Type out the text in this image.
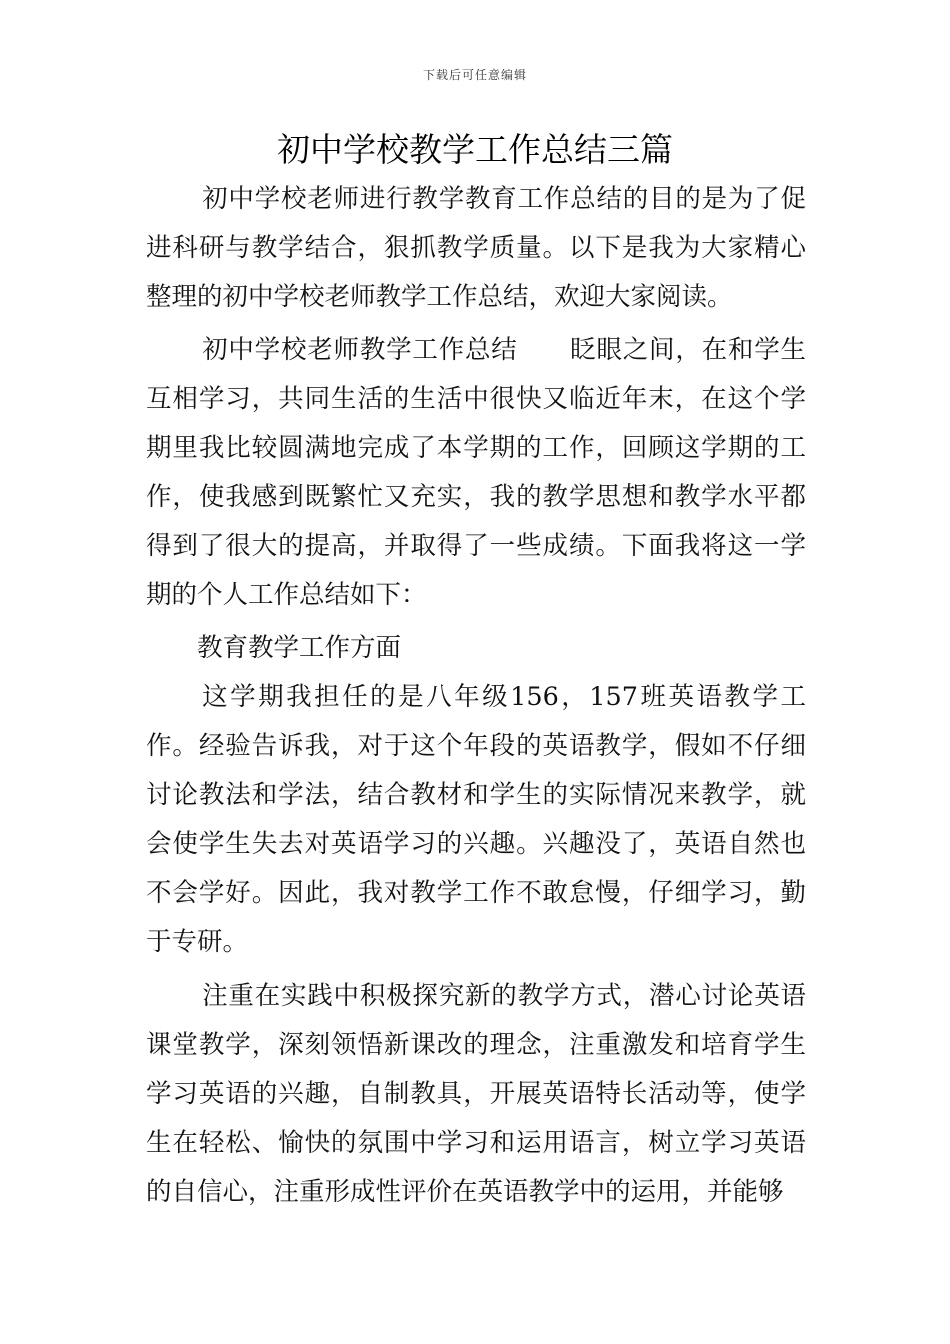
下载后可任意编辑
初中学校教学工作总结三篇

初中学校老师进行教学教育工作总结的目的是为了促进科研与教学结合，狠抓教学质量。以下是我为大家精心整理的初中学校老师教学工作总结，欢迎大家阅读。

初中学校老师教学工作总结　　眨眼之间，在和学生互相学习，共同生活的生活中很快又临近年末，在这个学期里我比较圆满地完成了本学期的工作，回顾这学期的工作，使我感到既繁忙又充实，我的教学思想和教学水平都得到了很大的提高，并取得了一些成绩。下面我将这一学期的个人工作总结如下：

教育教学工作方面

这学期我担任的是八年级156，157班英语教学工作。经验告诉我，对于这个年段的英语教学，假如不仔细讨论教法和学法，结合教材和学生的实际情况来教学，就会使学生失去对英语学习的兴趣。兴趣没了，英语自然也不会学好。因此，我对教学工作不敢怠慢，仔细学习，勤于专研。

注重在实践中积极探究新的教学方式，潜心讨论英语课堂教学，深刻领悟新课改的理念，注重激发和培育学生学习英语的兴趣，自制教具，开展英语特长活动等，使学生在轻松、愉快的氛围中学习和运用语言，树立学习英语的自信心，注重形成性评价在英语教学中的运用，并能够
